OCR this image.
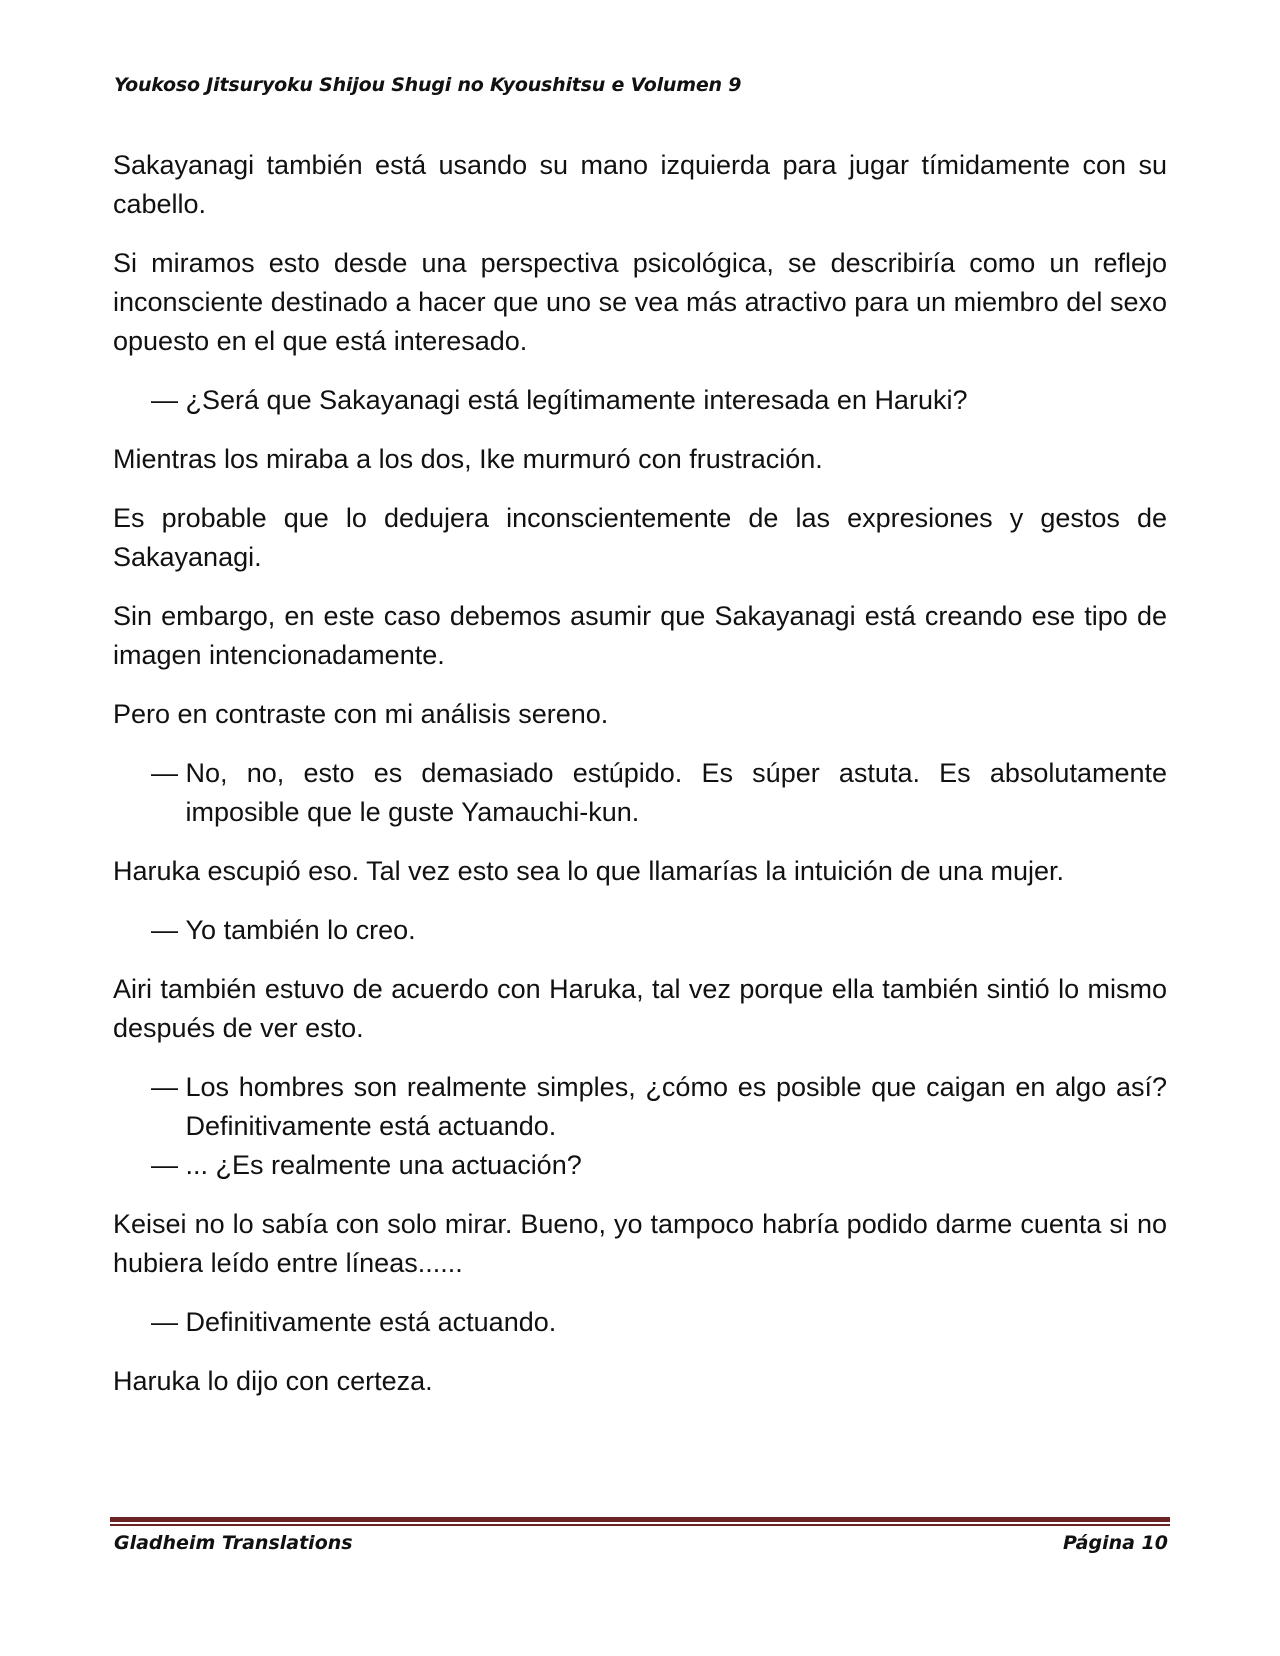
Youkoso Jitsuryoku Shijou Shugi no Kyoushitsu e Volumen 9

Sakayanagi también está usando su mano izquierda para jugar tímidamente con su cabello.

Si miramos esto desde una perspectiva psicológica, se describiría como un reflejo inconsciente destinado a hacer que uno se vea más atractivo para un miembro del sexo opuesto en el que está interesado.

— ¿Será que Sakayanagi está legítimamente interesada en Haruki?

Mientras los miraba a los dos, Ike murmuró con frustración.

Es probable que lo dedujera inconscientemente de las expresiones y gestos de Sakayanagi.

Sin embargo, en este caso debemos asumir que Sakayanagi está creando ese tipo de imagen intencionadamente.

Pero en contraste con mi análisis sereno.

— No, no, esto es demasiado estúpido. Es súper astuta. Es absolutamente imposible que le guste Yamauchi-kun.

Haruka escupió eso. Tal vez esto sea lo que llamarías la intuición de una mujer.

— Yo también lo creo.

Airi también estuvo de acuerdo con Haruka, tal vez porque ella también sintió lo mismo después de ver esto.

— Los hombres son realmente simples, ¿cómo es posible que caigan en algo así? Definitivamente está actuando.
— ... ¿Es realmente una actuación?

Keisei no lo sabía con solo mirar. Bueno, yo tampoco habría podido darme cuenta si no hubiera leído entre líneas......

— Definitivamente está actuando.

Haruka lo dijo con certeza.

Gladheim Translations	Página 10
